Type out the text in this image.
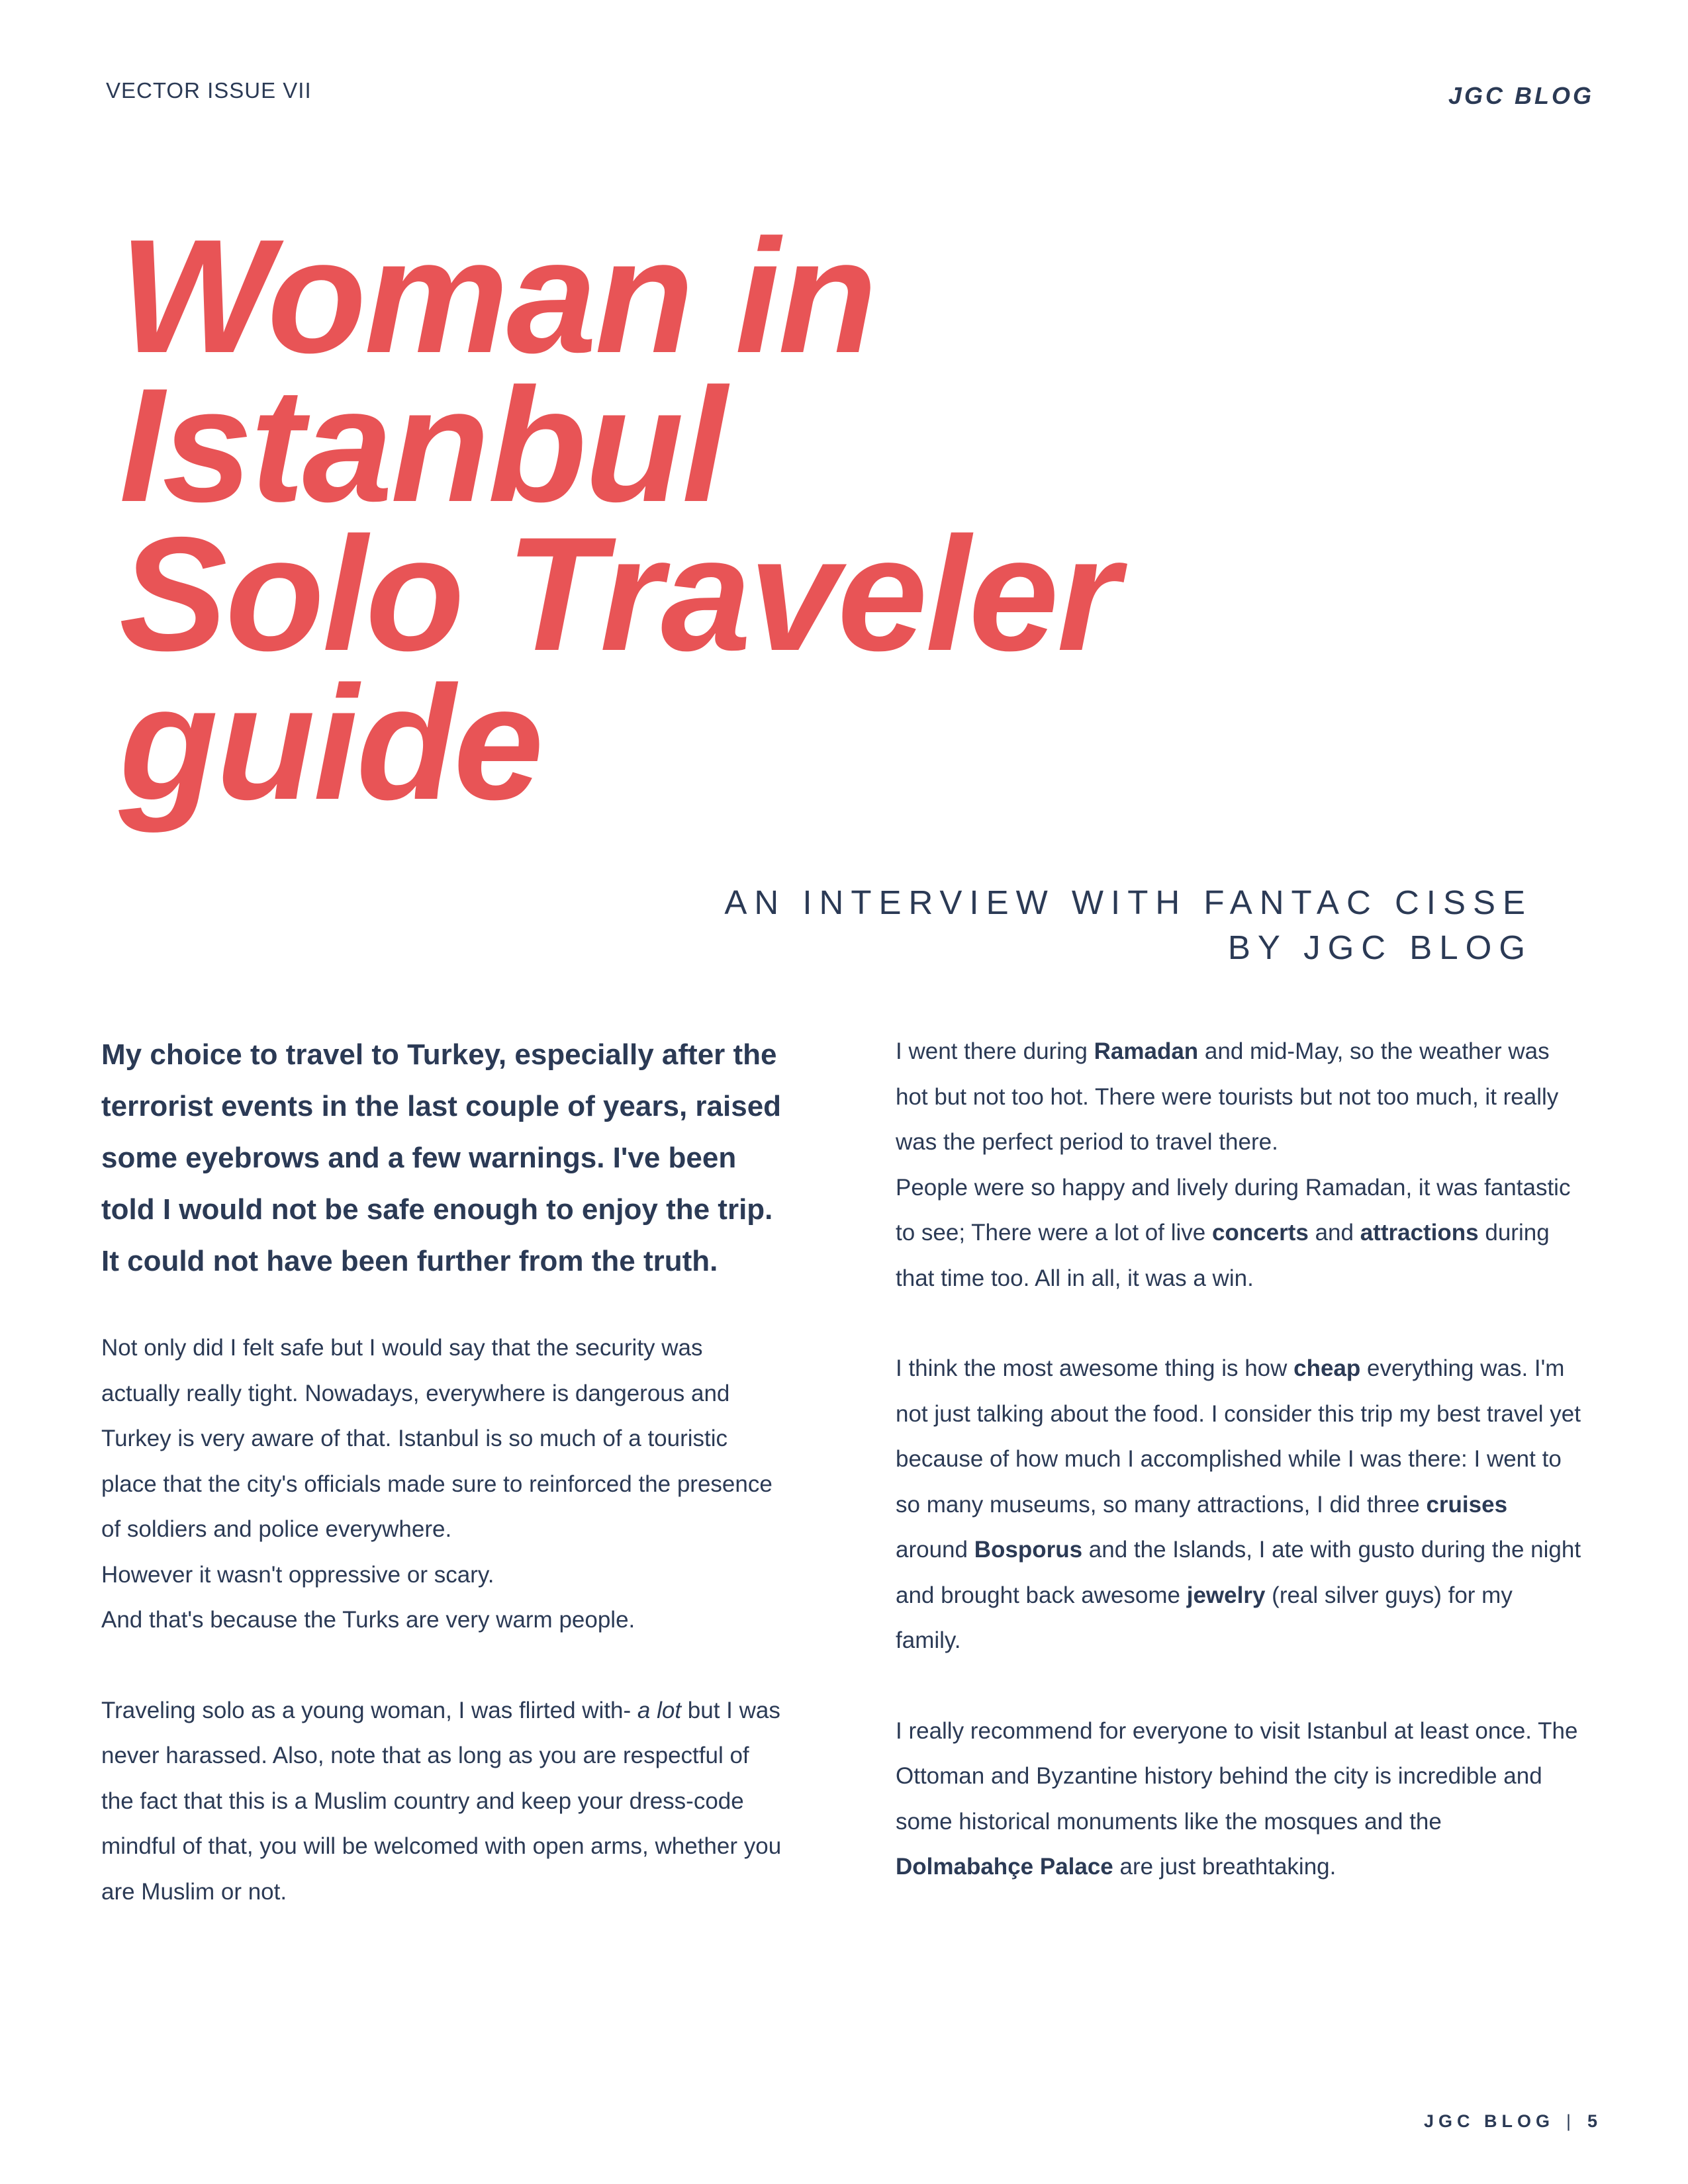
VECTOR ISSUE VII	JGC BLOG
Woman in
Istanbul
Solo Traveler
guide
AN INTERVIEW WITH FANTAC CISSE
BY JGC BLOG

My choice to travel to Turkey, especially after the terrorist events in the last couple of years, raised some eyebrows and a few warnings. I've been told I would not be safe enough to enjoy the trip. It could not have been further from the truth.

Not only did I felt safe but I would say that the security was actually really tight. Nowadays, everywhere is dangerous and Turkey is very aware of that. Istanbul is so much of a touristic place that the city's officials made sure to reinforced the presence of soldiers and police everywhere.

However it wasn't oppressive or scary.

And that's because the Turks are very warm people.

Traveling solo as a young woman, I was flirted with- a lot but I was never harassed. Also, note that as long as you are respectful of the fact that this is a Muslim country and keep your dress-code mindful of that, you will be welcomed with open arms, whether you are Muslim or not.

I went there during Ramadan and mid-May, so the weather was hot but not too hot. There were tourists but not too much, it really was the perfect period to travel there.

People were so happy and lively during Ramadan, it was fantastic to see; There were a lot of live concerts and attractions during that time too. All in all, it was a win.

I think the most awesome thing is how cheap everything was. I'm not just talking about the food. I consider this trip my best travel yet because of how much I accomplished while I was there: I went to so many museums, so many attractions, I did three cruises around Bosporus and the Islands, I ate with gusto during the night and brought back awesome jewelry (real silver guys) for my family.

I really recommend for everyone to visit Istanbul at least once. The Ottoman and Byzantine history behind the city is incredible and some historical monuments like the mosques and the Dolmabahçe Palace are just breathtaking.

JGC BLOG | 5
